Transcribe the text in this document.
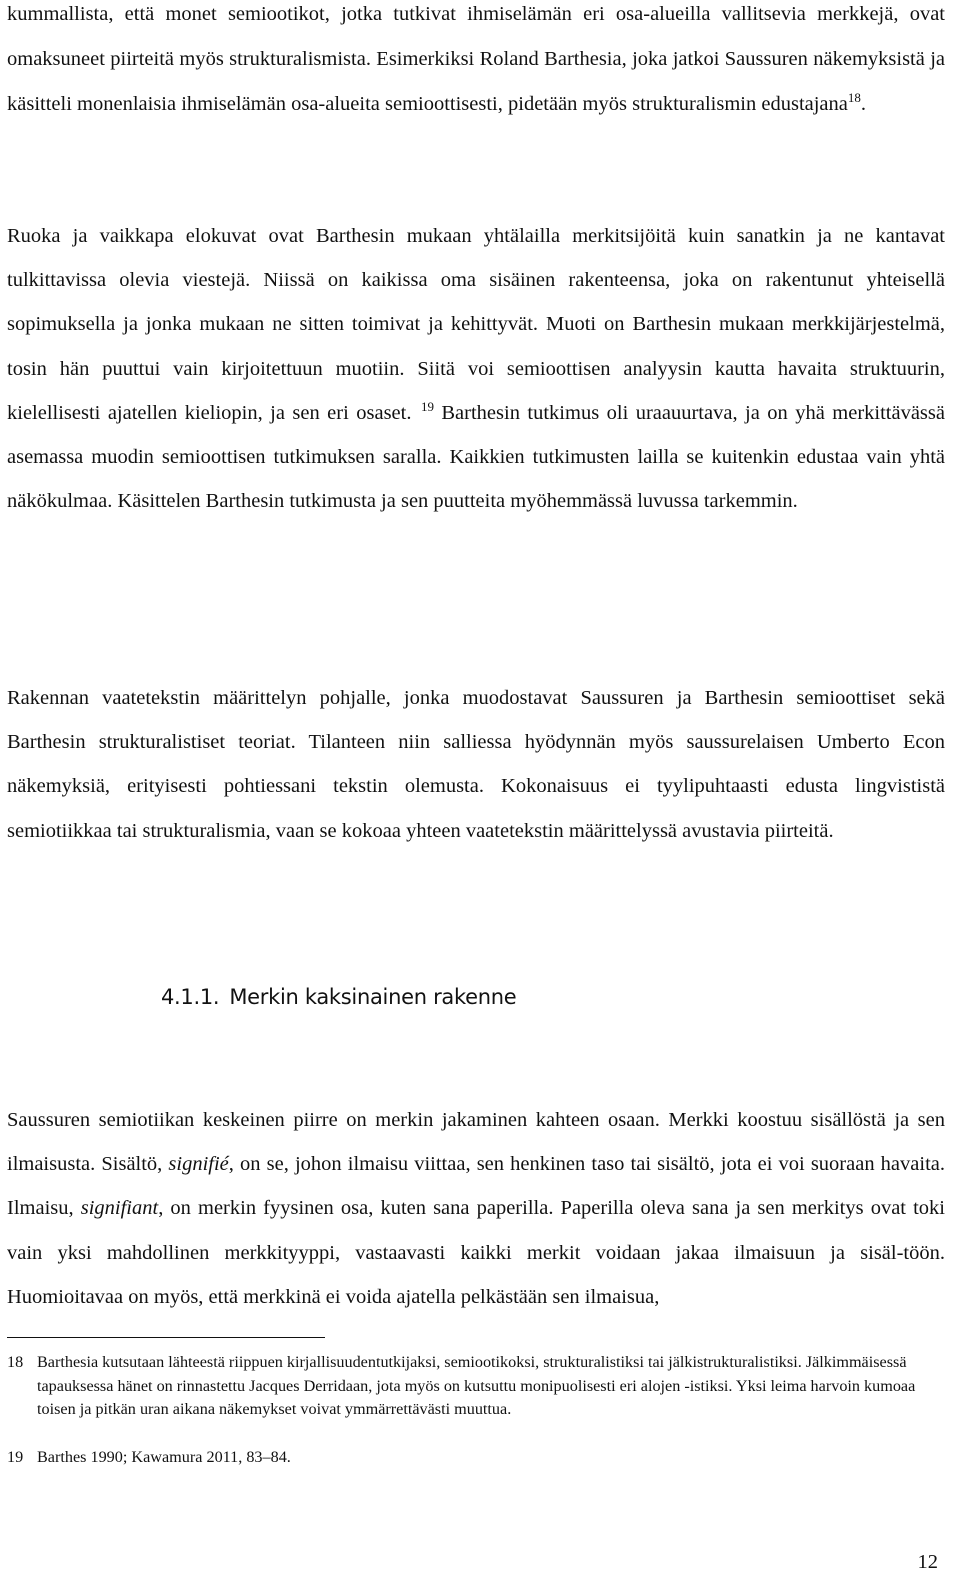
kummallista, että monet semiootikot, jotka tutkivat ihmiselämän eri osa-alueilla vallitsevia merkkejä, ovat omaksuneet piirteitä myös strukturalismista. Esimerkiksi Roland Barthesia, joka jatkoi Saussuren näkemyksistä ja käsitteli monenlaisia ihmiselämän osa-alueita semioottisesti, pidetään myös strukturalismin edustajana$^{18}$.

Ruoka ja vaikkapa elokuvat ovat Barthesin mukaan yhtälailla merkitsijöitä kuin sanatkin ja ne kantavat tulkittavissa olevia viestejä. Niissä on kaikissa oma sisäinen rakenteensa, joka on rakentunut yhteisellä sopimuksella ja jonka mukaan ne sitten toimivat ja kehittyvät. Muoti on Barthesin mukaan merkkijärjestelmä, tosin hän puuttui vain kirjoitettuun muotiin. Siitä voi semioottisen analyysin kautta havaita struktuurin, kielellisesti ajatellen kieliopin, ja sen eri osaset. $^{19}$ Barthesin tutkimus oli uraauurtava, ja on yhä merkittävässä asemassa muodin semioottisen tutkimuksen saralla. Kaikkien tutkimusten lailla se kuitenkin edustaa vain yhtä näkökulmaa. Käsittelen Barthesin tutkimusta ja sen puutteita myöhemmässä luvussa tarkemmin.

Rakennan vaatetekstin määrittelyn pohjalle, jonka muodostavat Saussuren ja Barthesin semioottiset sekä Barthesin strukturalistiset teoriat. Tilanteen niin salliessa hyödynnän myös saussurelaisen Umberto Econ näkemyksiä, erityisesti pohtiessani tekstin olemusta. Kokonaisuus ei tyylipuhtaasti edusta lingvististä semiotiikkaa tai strukturalismia, vaan se kokoaa yhteen vaatetekstin määrittelyssä avustavia piirteitä.

4.1.1. Merkin kaksinainen rakenne

Saussuren semiotiikan keskeinen piirre on merkin jakaminen kahteen osaan. Merkki koostuu sisällöstä ja sen ilmaisusta. Sisältö, signifié, on se, johon ilmaisu viittaa, sen henkinen taso tai sisältö, jota ei voi suoraan havaita. Ilmaisu, signifiant, on merkin fyysinen osa, kuten sana paperilla. Paperilla oleva sana ja sen merkitys ovat toki vain yksi mahdollinen merkkityyppi, vastaavasti kaikki merkit voidaan jakaa ilmaisuun ja sisäl-töön. Huomioitavaa on myös, että merkkinä ei voida ajatella pelkästään sen ilmaisua,

18 Barthesia kutsutaan lähteestä riippuen kirjallisuudentutkijaksi, semiootikoksi, strukturalistiksi tai jälkistrukturalistiksi. Jälkimmäisessä tapauksessa hänet on rinnastettu Jacques Derridaan, jota myös on kutsuttu monipuolisesti eri alojen -istiksi. Yksi leima harvoin kumoaa toisen ja pitkän uran aikana näkemykset voivat ymmärrettävästi muuttua.

19 Barthes 1990; Kawamura 2011, 83–84.

12
